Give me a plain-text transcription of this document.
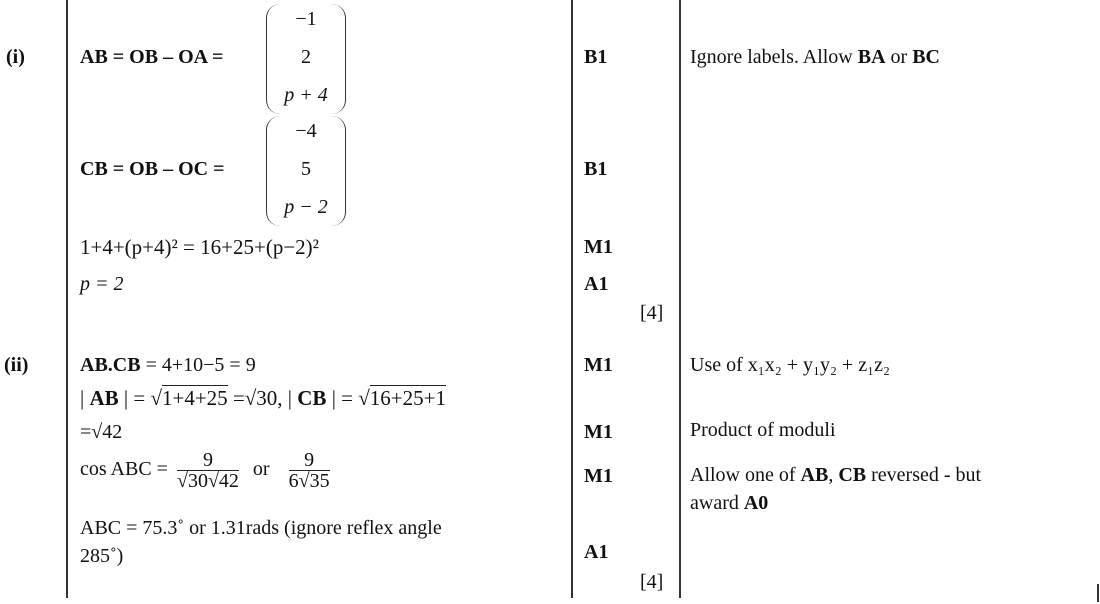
(i)	AB = OB – OA =
−1
2
p + 4
CB = OB – OC =
−4
5
p − 2
1+4+(p+4)² = 16+25+(p−2)²
p = 2
B1
B1
M1
A1
[4]
Ignore labels. Allow BA or BC
(ii)	AB.CB = 4+10−5 = 9
| AB | = √1+4+25 =√30, | CB | = √16+25+1
=√42
cos ABC = $\frac{9}{√30√42}$ or $\frac{9}{6√35}$
ABC = 75.3˚ or 1.31rads (ignore reflex angle
285˚)
M1
M1
M1
A1
[4]
Use of x₁x₂ + y₁y₂ + z₁z₂
Product of moduli
Allow one of AB, CB reversed - but
award A0
